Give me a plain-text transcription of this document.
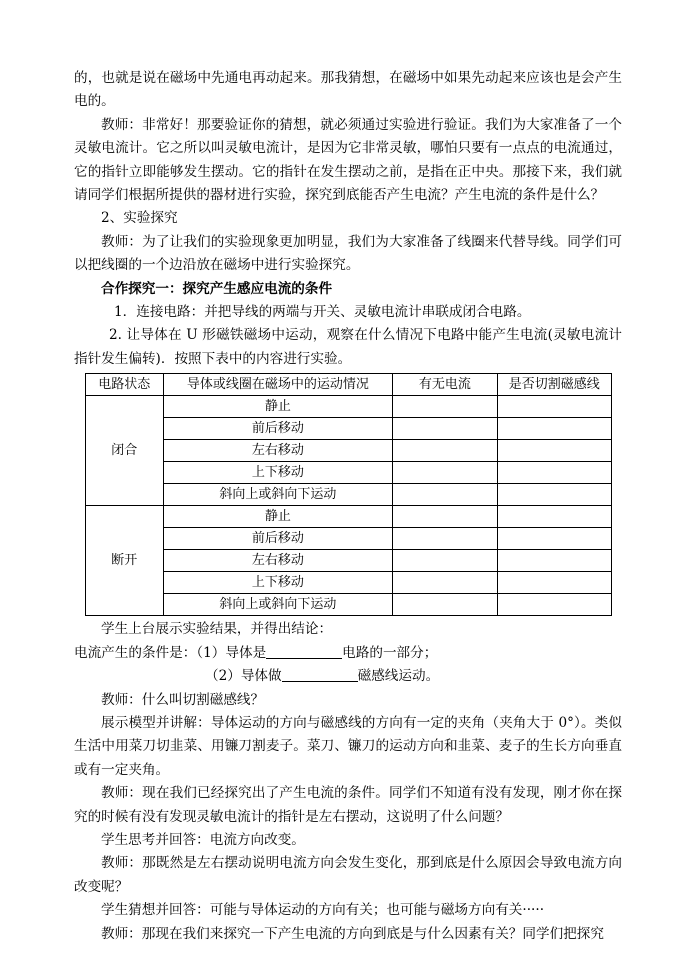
的，也就是说在磁场中先通电再动起来。那我猜想，在磁场中如果先动起来应该也是会产生电的。

教师：非常好！那要验证你的猜想，就必须通过实验进行验证。我们为大家准备了一个灵敏电流计。它之所以叫灵敏电流计，是因为它非常灵敏，哪怕只要有一点点的电流通过，它的指针立即能够发生摆动。它的指针在发生摆动之前，是指在正中央。那接下来，我们就请同学们根据所提供的器材进行实验，探究到底能否产生电流？产生电流的条件是什么？

2、实验探究

教师：为了让我们的实验现象更加明显，我们为大家准备了线圈来代替导线。同学们可以把线圈的一个边沿放在磁场中进行实验探究。

合作探究一：探究产生感应电流的条件

1．连接电路：并把导线的两端与开关、灵敏电流计串联成闭合电路。

2. 让导体在 U 形磁铁磁场中运动，观察在什么情况下电路中能产生电流(灵敏电流计指针发生偏转)．按照下表中的内容进行实验。

电路状态	导体或线圈在磁场中的运动情况	有无电流	是否切割磁感线
闭合	静止		
	前后移动		
	左右移动		
	上下移动		
	斜向上或斜向下运动		
断开	静止		
	前后移动		
	左右移动		
	上下移动		
	斜向上或斜向下运动		

学生上台展示实验结果，并得出结论：

电流产生的条件是：（1）导体是	电路的一部分；

（2）导体做	磁感线运动。

教师：什么叫切割磁感线？

展示模型并讲解：导体运动的方向与磁感线的方向有一定的夹角（夹角大于 0°）。类似生活中用菜刀切韭菜、用镰刀割麦子。菜刀、镰刀的运动方向和韭菜、麦子的生长方向垂直或有一定夹角。

教师：现在我们已经探究出了产生电流的条件。同学们不知道有没有发现，刚才你在探究的时候有没有发现灵敏电流计的指针是左右摆动，这说明了什么问题？

学生思考并回答：电流方向改变。

教师：那既然是左右摆动说明电流方向会发生变化，那到底是什么原因会导致电流方向改变呢？

学生猜想并回答：可能与导体运动的方向有关；也可能与磁场方向有关·····

教师：那现在我们来探究一下产生电流的方向到底是与什么因素有关？同学们把探究
